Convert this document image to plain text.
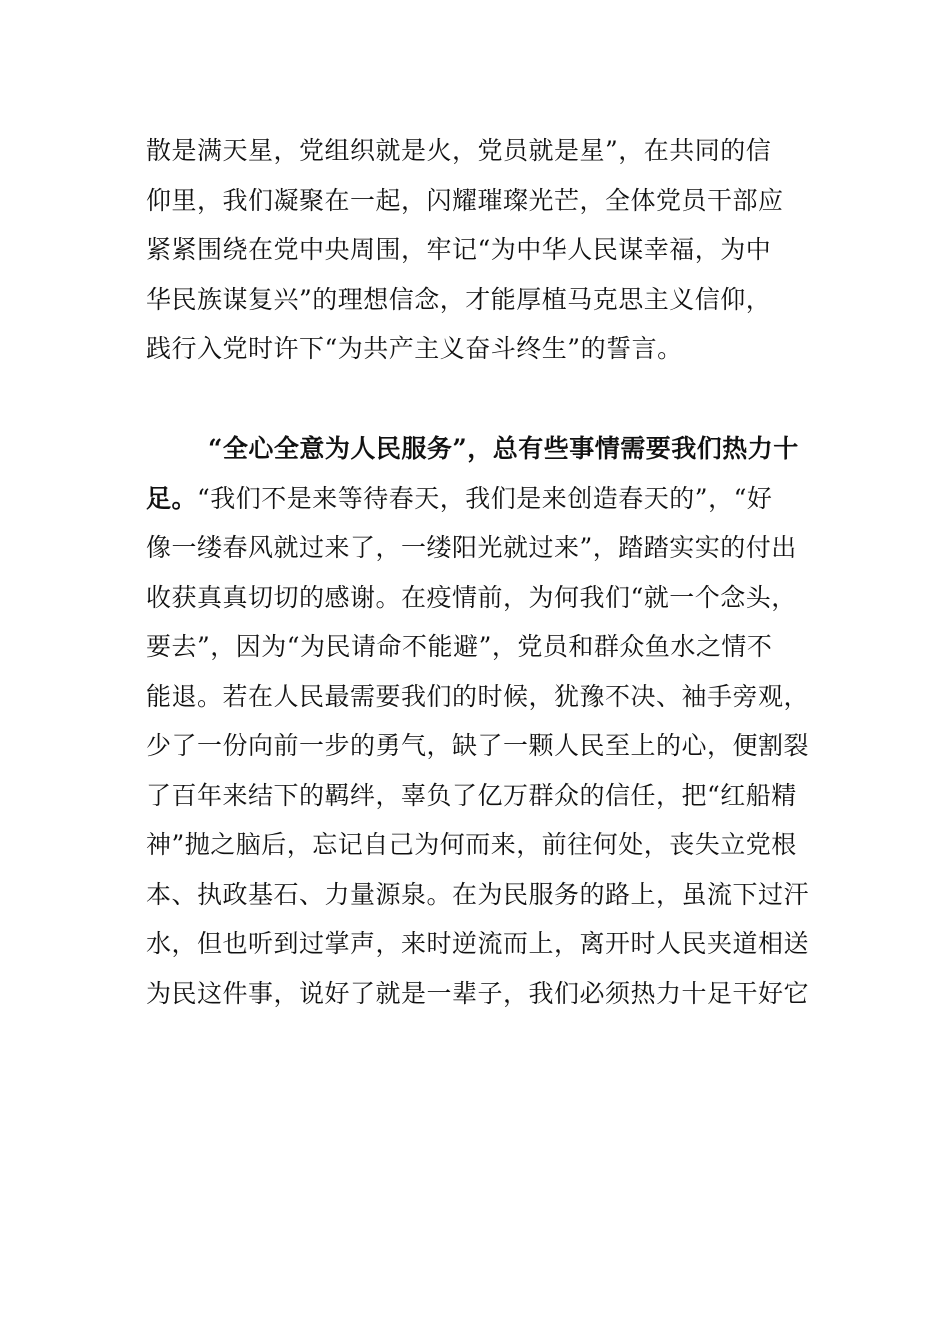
散是满天星，党组织就是火，党员就是星”，在共同的信
仰里，我们凝聚在一起，闪耀璀璨光芒，全体党员干部应
紧紧围绕在党中央周围，牢记“为中华人民谋幸福，为中
华民族谋复兴”的理想信念，才能厚植马克思主义信仰，
践行入党时许下“为共产主义奋斗终生”的誓言。
“全心全意为人民服务”，总有些事情需要我们热力十
足。“我们不是来等待春天，我们是来创造春天的”，“好
像一缕春风就过来了，一缕阳光就过来”，踏踏实实的付出
收获真真切切的感谢。在疫情前，为何我们“就一个念头，
要去”，因为“为民请命不能避”，党员和群众鱼水之情不
能退。若在人民最需要我们的时候，犹豫不决、袖手旁观，
少了一份向前一步的勇气，缺了一颗人民至上的心，便割裂
了百年来结下的羁绊，辜负了亿万群众的信任，把“红船精
神”抛之脑后，忘记自己为何而来，前往何处，丧失立党根
本、执政基石、力量源泉。在为民服务的路上，虽流下过汗
水，但也听到过掌声，来时逆流而上，离开时人民夹道相送
为民这件事，说好了就是一辈子，我们必须热力十足干好它
